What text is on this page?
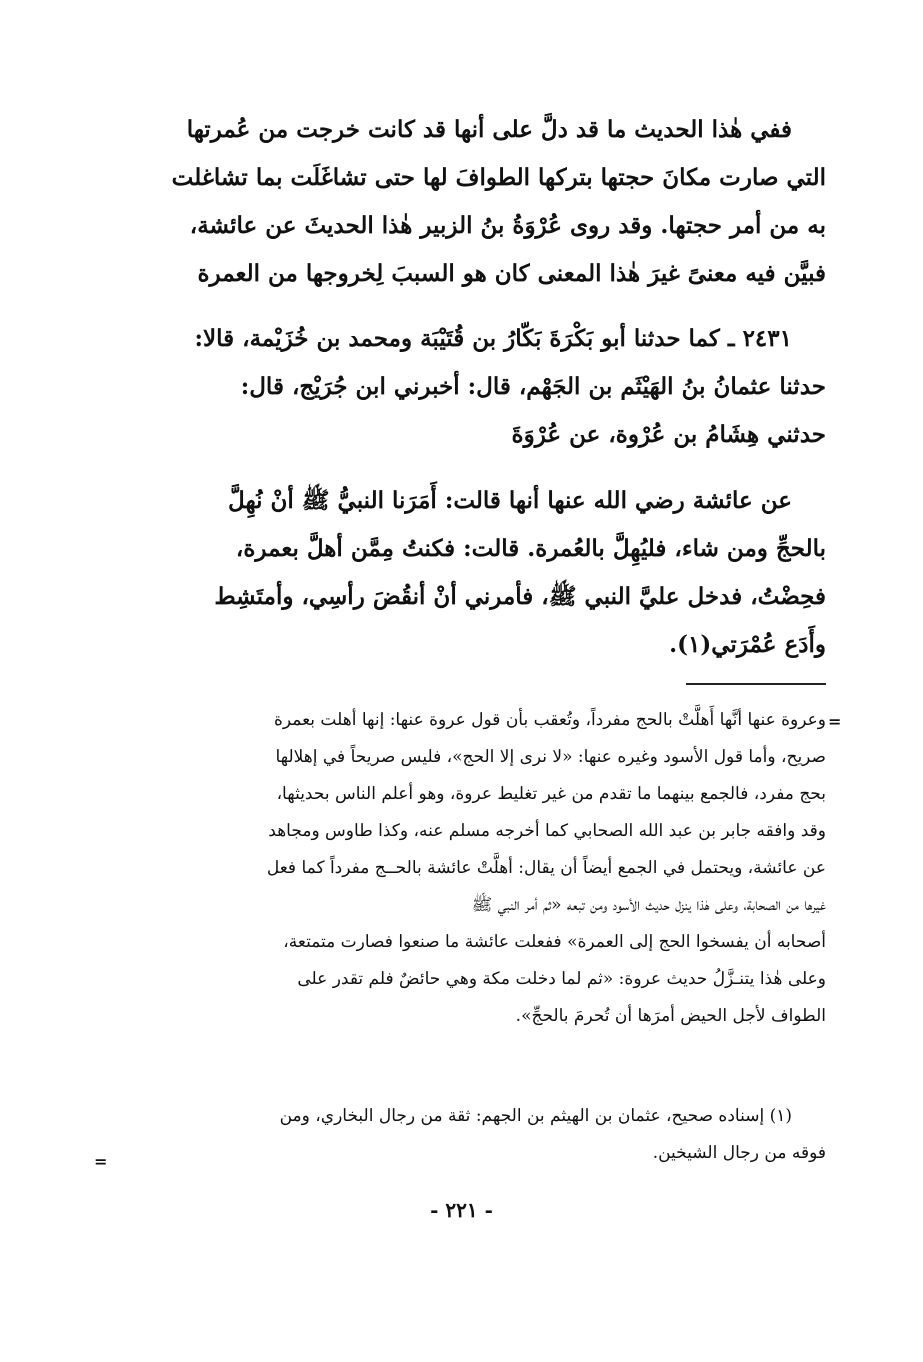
ففي هٰذا الحديث ما قد دلَّ على أنها قد كانت خرجت من عُمرتها
التي صارت مكانَ حجتها بتركها الطوافَ لها حتى تشاغَلَت بما تشاغلت
به من أمر حجتها. وقد روى عُرْوَةُ بنُ الزبير هٰذا الحديثَ عن عائشة،
فبيَّن فيه معنىً غيرَ هٰذا المعنى كان هو السببَ لِخروجها من العمرة
٢٤٣١ ـ كما حدثنا أبو بَكْرَةَ بَكّارُ بن قُتَيْبَة ومحمد بن خُزَيْمة، قالا:
حدثنا عثمانُ بنُ الهَيْثَم بن الجَهْم، قال: أخبرني ابن جُرَيْج، قال:
حدثني هِشَامُ بن عُرْوة، عن عُرْوَةَ
عن عائشة رضي الله عنها أنها قالت: أَمَرَنا النبيُّ ﷺ أنْ نُهِلَّ
بالحجِّ ومن شاء، فليُهِلَّ بالعُمرة. قالت: فكنتُ مِمَّن أهلَّ بعمرة،
فحِضْتُ، فدخل عليَّ النبي ﷺ، فأمرني أنْ أنقُضَ رأسِي، وأمتَشِط
وأَدَع عُمْرَتي(١).
=
وعروة عنها أنَّها أَهلَّتْ بالحج مفرداً، وتُعقب بأن قول عروة عنها: إنها أهلت بعمرة
صريح، وأما قول الأسود وغيره عنها: «لا نرى إلا الحج»، فليس صريحاً في إهلالها
بحج مفرد، فالجمع بينهما ما تقدم من غير تغليط عروة، وهو أعلم الناس بحديثها،
وقد وافقه جابر بن عبد الله الصحابي كما أخرجه مسلم عنه، وكذا طاوس ومجاهد
عن عائشة، ويحتمل في الجمع أيضاً أن يقال: أهلَّتْ عائشة بالحــج مفرداً كما فعل
غيرها من الصحابة، وعلى هٰذا ينزل حديث الأسود ومن تبعه «ثم أمر النبي ﷺ
أصحابه أن يفسخوا الحج إلى العمرة» ففعلت عائشة ما صنعوا فصارت متمتعة،
وعلى هٰذا يتنـزَّلُ حديث عروة: «ثم لما دخلت مكة وهي حائضٌ فلم تقدر على
الطواف لأجل الحيض أمرَها أن تُحرمَ بالحجِّ».
(١) إسناده صحيح، عثمان بن الهيثم بن الجهم: ثقة من رجال البخاري، ومن
فوقه من رجال الشيخين.
=
- ٢٢١ -
